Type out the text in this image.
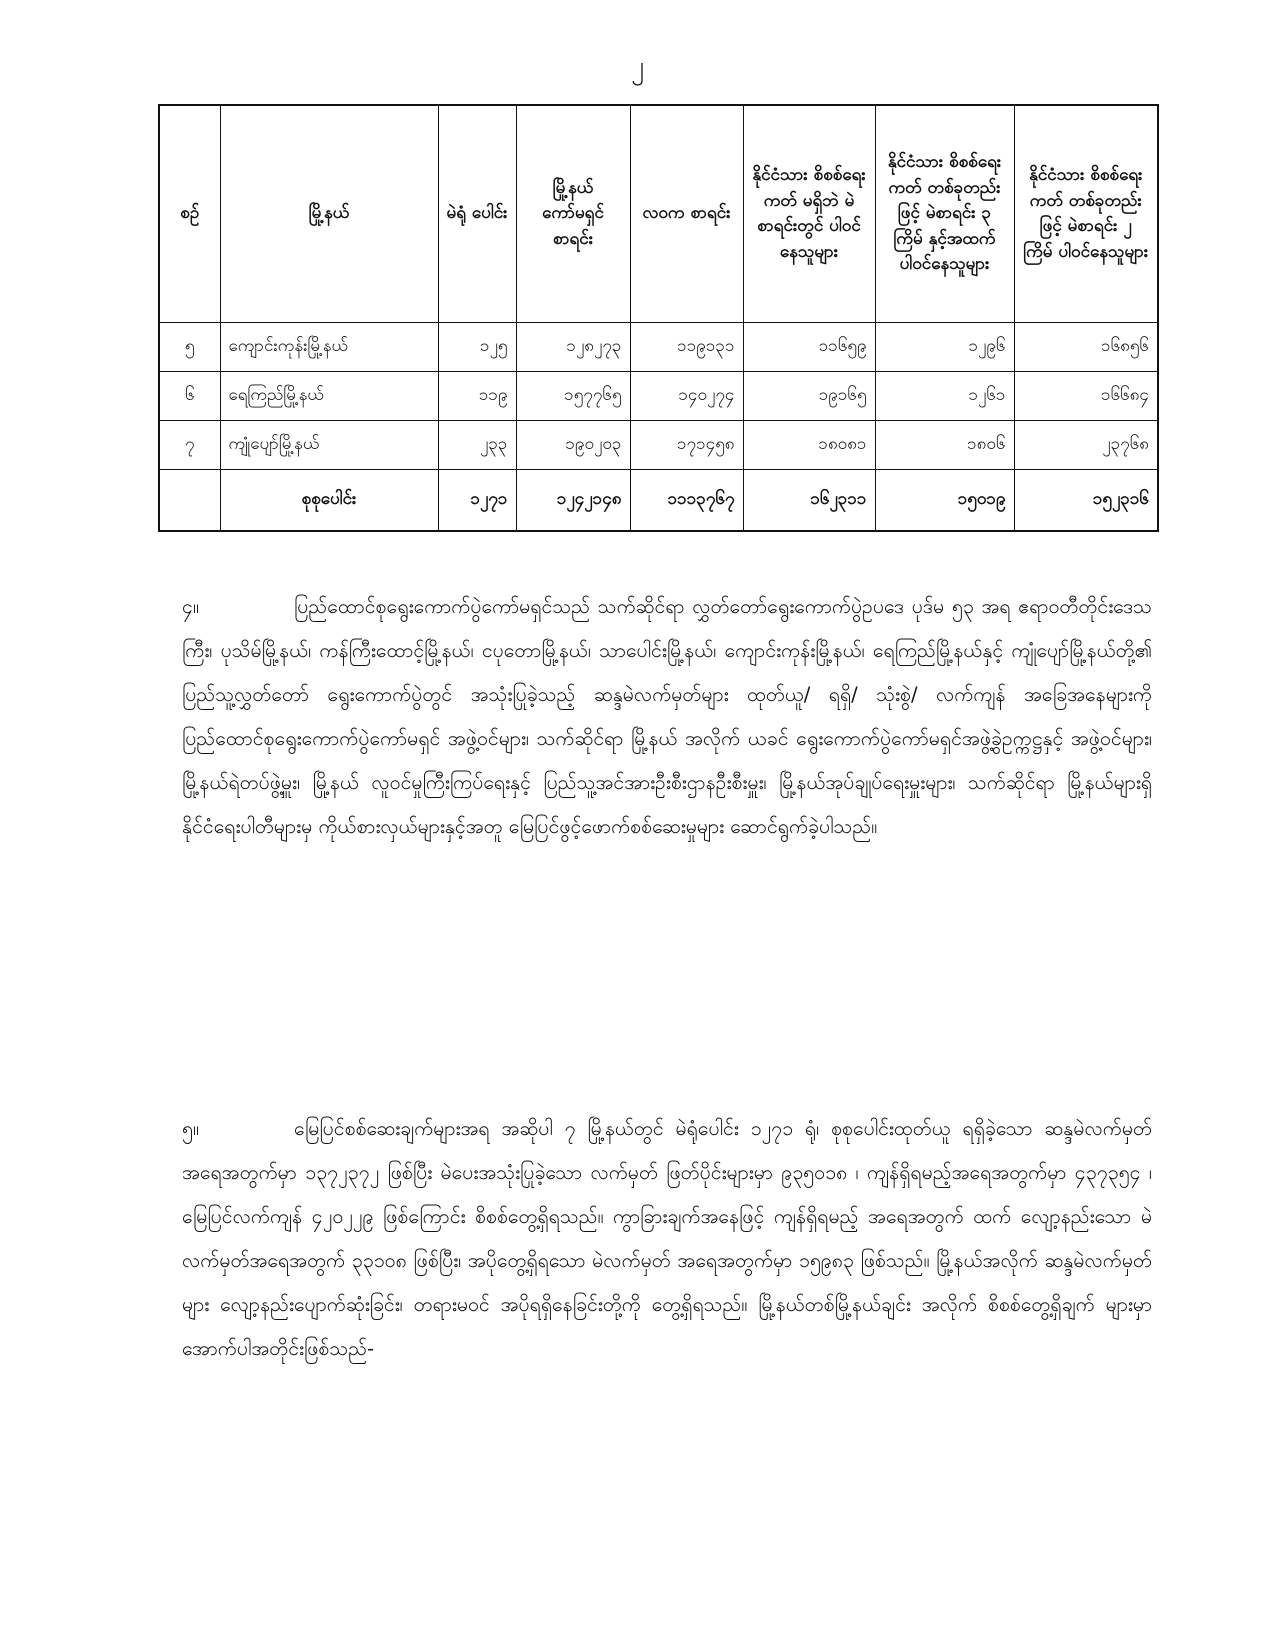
၂
စဉ်	မြို့နယ်	မဲရုံ ပေါင်း	မြို့နယ် ကော်မရှင် စာရင်း	လဝက စာရင်း	နိုင်ငံသား စိစစ်ရေးကတ် မရှိဘဲ မဲစာရင်းတွင် ပါဝင်နေသူများ	နိုင်ငံသား စိစစ်ရေးကတ် တစ်ခုတည်းဖြင့် မဲစာရင်း ၃ ကြိမ် နှင့်အထက် ပါဝင်နေသူများ	နိုင်ငံသား စိစစ်ရေးကတ် တစ်ခုတည်းဖြင့် မဲစာရင်း ၂ ကြိမ် ပါဝင်နေသူများ
၅	ကျောင်းကုန်းမြို့နယ်	၁၂၅	၁၂၈၂၇၃	၁၁၉၁၃၁	၁၁၆၅၉	၁၂၉၆	၁၆၈၅၆
၆	ရေကြည်မြို့နယ်	၁၁၉	၁၅၇၇၆၅	၁၄၀၂၇၄	၁၉၁၆၅	၁၂၆၁	၁၆၆၈၄
၇	ကျုံပျော်မြို့နယ်	၂၃၃	၁၉၀၂၀၃	၁၇၁၄၅၈	၁၈၀၈၁	၁၈၀၆	၂၃၇၆၈
	စုစုပေါင်း	၁၂၇၁	၁၂၄၂၁၄၈	၁၁၁၃၇၆၇	၁၆၂၃၁၁	၁၅၀၁၉	၁၅၂၃၁၆
၄။	ပြည်ထောင်စုရွေးကောက်ပွဲကော်မရှင်သည် သက်ဆိုင်ရာ လွှတ်တော်ရွေးကောက်ပွဲဥပဒေ ပုဒ်မ ၅၃ အရ ဧရာဝတီတိုင်းဒေသကြီး၊ ပုသိမ်မြို့နယ်၊ ကန်ကြီးထောင့်မြို့နယ်၊ ငပုတောမြို့နယ်၊ သာပေါင်းမြို့နယ်၊ ကျောင်းကုန်းမြို့နယ်၊ ရေကြည်မြို့နယ်နှင့် ကျုံပျော်မြို့နယ်တို့၏ ပြည်သူ့လွှတ်တော် ရွေးကောက်ပွဲတွင် အသုံးပြုခဲ့သည့် ဆန္ဒမဲလက်မှတ်များ ထုတ်ယူ/ ရရှိ/ သုံးစွဲ/ လက်ကျန် အခြေအနေများကို ပြည်ထောင်စုရွေးကောက်ပွဲကော်မရှင် အဖွဲ့ဝင်များ၊ သက်ဆိုင်ရာ မြို့နယ် အလိုက် ယခင် ရွေးကောက်ပွဲကော်မရှင်အဖွဲ့ခွဲဥက္ကဋ္ဌနှင့် အဖွဲ့ဝင်များ၊ မြို့နယ်ရဲတပ်ဖွဲ့မှူး၊ မြို့နယ် လူဝင်မှုကြီးကြပ်ရေးနှင့် ပြည်သူ့အင်အားဦးစီးဌာနဦးစီးမှူး၊ မြို့နယ်အုပ်ချုပ်ရေးမှူးများ၊ သက်ဆိုင်ရာ မြို့နယ်များရှိ နိုင်ငံရေးပါတီများမှ ကိုယ်စားလှယ်များနှင့်အတူ မြေပြင်ဖွင့်ဖောက်စစ်ဆေးမှုများ ဆောင်ရွက်ခဲ့ပါသည်။
၅။	မြေပြင်စစ်ဆေးချက်များအရ အဆိုပါ ၇ မြို့နယ်တွင် မဲရုံပေါင်း ၁၂၇၁ ရုံ၊ စုစုပေါင်းထုတ်ယူ ရရှိခဲ့သော ဆန္ဒမဲလက်မှတ်အရေအတွက်မှာ ၁၃၇၂၃၇၂ ဖြစ်ပြီး မဲပေးအသုံးပြုခဲ့သော လက်မှတ် ဖြတ်ပိုင်းများမှာ ၉၃၅၀၁၈ ၊ ကျန်ရှိရမည့်အရေအတွက်မှာ ၄၃၇၃၅၄ ၊ မြေပြင်လက်ကျန် ၄၂၀၂၂၉ ဖြစ်ကြောင်း စိစစ်တွေ့ရှိရသည်။ ကွာခြားချက်အနေဖြင့် ကျန်ရှိရမည့် အရေအတွက် ထက် လျော့နည်းသော မဲလက်မှတ်အရေအတွက် ၃၃၁၀၈ ဖြစ်ပြီး၊ အပိုတွေ့ရှိရသော မဲလက်မှတ် အရေအတွက်မှာ ၁၅၉၈၃ ဖြစ်သည်။ မြို့နယ်အလိုက် ဆန္ဒမဲလက်မှတ်များ လျော့နည်းပျောက်ဆုံးခြင်း၊ တရားမဝင် အပိုရရှိနေခြင်းတို့ကို တွေ့ရှိရသည်။ မြို့နယ်တစ်မြို့နယ်ချင်း အလိုက် စိစစ်တွေ့ရှိချက် များမှာ အောက်ပါအတိုင်းဖြစ်သည်-
